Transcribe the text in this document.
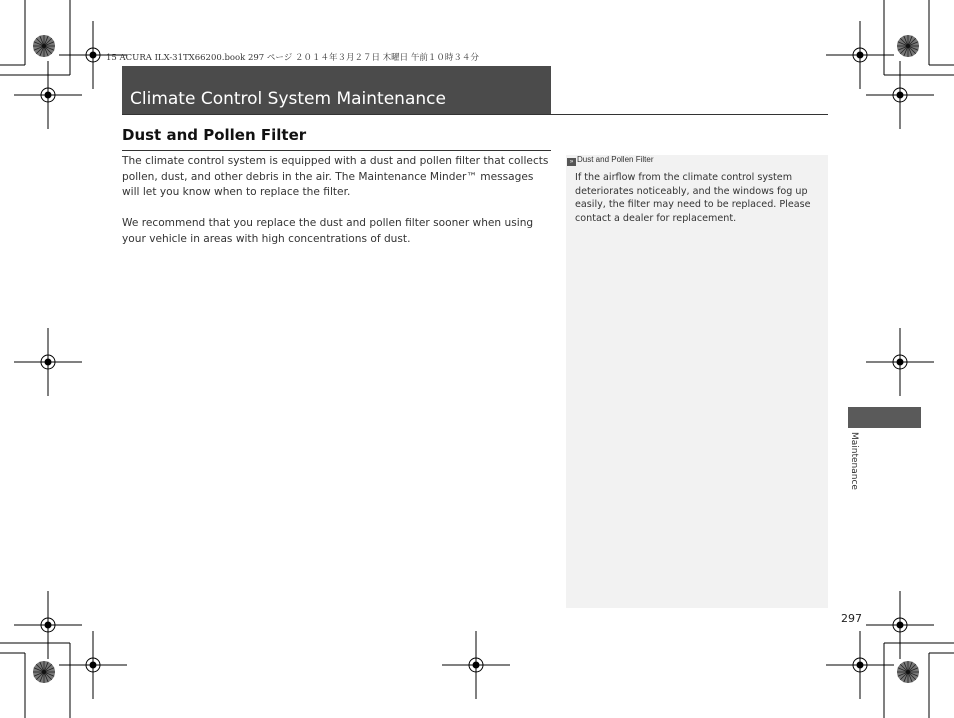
15 ACURA ILX-31TX66200.book 297 ページ ２０１４年３月２７日 木曜日 午前１０時３４分
Climate Control System Maintenance
Dust and Pollen Filter

The climate control system is equipped with a dust and pollen filter that collects pollen, dust, and other debris in the air. The Maintenance Minder™ messages will let you know when to replace the filter.

We recommend that you replace the dust and pollen filter sooner when using your vehicle in areas with high concentrations of dust.

» Dust and Pollen Filter
If the airflow from the climate control system deteriorates noticeably, and the windows fog up easily, the filter may need to be replaced. Please contact a dealer for replacement.
Maintenance
297
